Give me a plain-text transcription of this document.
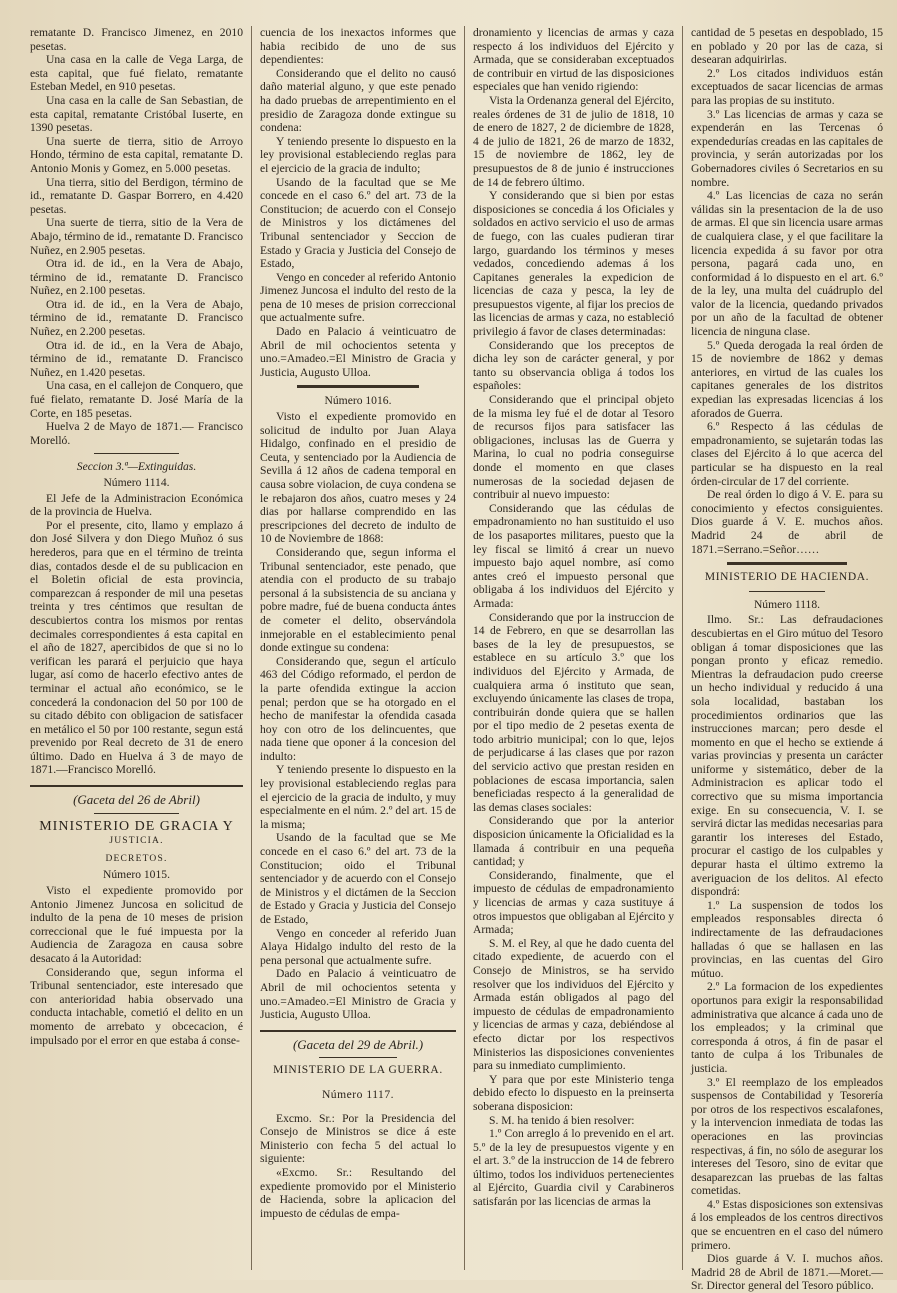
rematante D. Francisco Jimenez, en 2010 pesetas.

Una casa en la calle de Vega Larga, de esta capital, que fué fielato, rematante Esteban Medel, en 910 pesetas.

Una casa en la calle de San Sebastian, de esta capital, rematante Cristóbal Iuserte, en 1390 pesetas.

Una suerte de tierra, sitio de Arroyo Hondo, término de esta capital, rematante D. Antonio Monis y Gomez, en 5.000 pesetas.

Una tierra, sitio del Berdigon, término de id., rematante D. Gaspar Borrero, en 4.420 pesetas.

Una suerte de tierra, sitio de la Vera de Abajo, término de id., rematante D. Francisco Nuñez, en 2.905 pesetas.

Otra id. de id., en la Vera de Abajo, término de id., rematante D. Francisco Nuñez, en 2.100 pesetas.

Otra id. de id., en la Vera de Abajo, término de id., rematante D. Francisco Nuñez, en 2.200 pesetas.

Otra id. de id., en la Vera de Abajo, término de id., rematante D. Francisco Nuñez, en 1.420 pesetas.

Una casa, en el callejon de Conquero, que fué fielato, rematante D. José María de la Corte, en 185 pesetas.

Huelva 2 de Mayo de 1871.— Francisco Morelló.

Seccion 3.ª—Extinguidas.

Número 1114.

El Jefe de la Administracion Económica de la provincia de Huelva.

Por el presente, cito, llamo y emplazo á don José Silvera y don Diego Muñoz ó sus herederos, para que en el término de treinta dias, contados desde el de su publicacion en el Boletin oficial de esta provincia, comparezcan á responder de mil una pesetas treinta y tres céntimos que resultan de descubiertos contra los mismos por rentas decimales correspondientes á esta capital en el año de 1827, apercibidos de que si no lo verifican les parará el perjuicio que haya lugar, así como de hacerlo efectivo antes de terminar el actual año económico, se le concederá la condonacion del 50 por 100 de su citado débito con obligacion de satisfacer en metálico el 50 por 100 restante, segun está prevenido por Real decreto de 31 de enero último. Dado en Huelva á 3 de mayo de 1871.—Francisco Morelló.

(Gaceta del 26 de Abril)

MINISTERIO DE GRACIA Y

JUSTICIA.

DECRETOS.

Número 1015.

Visto el expediente promovido por Antonio Jimenez Juncosa en solicitud de indulto de la pena de 10 meses de prision correccional que le fué impuesta por la Audiencia de Zaragoza en causa sobre desacato á la Autoridad:

Considerando que, segun informa el Tribunal sentenciador, este interesado que con anterioridad habia observado una conducta intachable, cometió el delito en un momento de arrebato y obcecacion, é impulsado por el error en que estaba á conse-

cuencia de los inexactos informes que habia recibido de uno de sus dependientes:

Considerando que el delito no causó daño material alguno, y que este penado ha dado pruebas de arrepentimiento en el presidio de Zaragoza donde extingue su condena:

Y teniendo presente lo dispuesto en la ley provisional estableciendo reglas para el ejercicio de la gracia de indulto;

Usando de la facultad que se Me concede en el caso 6.º del art. 73 de la Constitucion; de acuerdo con el Consejo de Ministros y los dictámenes del Tribunal sentenciador y Seccion de Estado y Gracia y Justicia del Consejo de Estado,

Vengo en conceder al referido Antonio Jimenez Juncosa el indulto del resto de la pena de 10 meses de prision correccional que actualmente sufre.

Dado en Palacio á veinticuatro de Abril de mil ochocientos setenta y uno.=Amadeo.=El Ministro de Gracia y Justicia, Augusto Ulloa.

Número 1016.

Visto el expediente promovido en solicitud de indulto por Juan Alaya Hidalgo, confinado en el presidio de Ceuta, y sentenciado por la Audiencia de Sevilla á 12 años de cadena temporal en causa sobre violacion, de cuya condena se le rebajaron dos años, cuatro meses y 24 dias por hallarse comprendido en las prescripciones del decreto de indulto de 10 de Noviembre de 1868:

Considerando que, segun informa el Tribunal sentenciador, este penado, que atendia con el producto de su trabajo personal á la subsistencia de su anciana y pobre madre, fué de buena conducta ántes de cometer el delito, observándola inmejorable en el establecimiento penal donde extingue su condena:

Considerando que, segun el artículo 463 del Código reformado, el perdon de la parte ofendida extingue la accion penal; perdon que se ha otorgado en el hecho de manifestar la ofendida casada hoy con otro de los delincuentes, que nada tiene que oponer á la concesion del indulto:

Y teniendo presente lo dispuesto en la ley provisional estableciendo reglas para el ejercicio de la gracia de indulto, y muy especialmente en el núm. 2.º del art. 15 de la misma;

Usando de la facultad que se Me concede en el caso 6.º del art. 73 de la Constitucion; oido el Tribunal sentenciador y de acuerdo con el Consejo de Ministros y el dictámen de la Seccion de Estado y Gracia y Justicia del Consejo de Estado,

Vengo en conceder al referido Juan Alaya Hidalgo indulto del resto de la pena personal que actualmente sufre.

Dado en Palacio á veinticuatro de Abril de mil ochocientos setenta y uno.=Amadeo.=El Ministro de Gracia y Justicia, Augusto Ulloa.

(Gaceta del 29 de Abril.)

MINISTERIO DE LA GUERRA.

Número 1117.

Excmo. Sr.: Por la Presidencia del Consejo de Ministros se dice á este Ministerio con fecha 5 del actual lo siguiente:

«Excmo. Sr.: Resultando del expediente promovido por el Ministerio de Hacienda, sobre la aplicacion del impuesto de cédulas de empa-

dronamiento y licencias de armas y caza respecto á los individuos del Ejército y Armada, que se consideraban exceptuados de contribuir en virtud de las disposiciones especiales que han venido rigiendo:

Vista la Ordenanza general del Ejército, reales órdenes de 31 de julio de 1818, 10 de enero de 1827, 2 de diciembre de 1828, 4 de julio de 1821, 26 de marzo de 1832, 15 de noviembre de 1862, ley de presupuestos de 8 de junio é instrucciones de 14 de febrero último.

Y considerando que si bien por estas disposiciones se concedia á los Oficiales y soldados en activo servicio el uso de armas de fuego, con las cuales pudieran tirar largo, guardando los términos y meses vedados, concediendo ademas á los Capitanes generales la expedicion de licencias de caza y pesca, la ley de presupuestos vigente, al fijar los precios de las licencias de armas y caza, no estableció privilegio á favor de clases determinadas:

Considerando que los preceptos de dicha ley son de carácter general, y por tanto su observancia obliga á todos los españoles:

Considerando que el principal objeto de la misma ley fué el de dotar al Tesoro de recursos fijos para satisfacer las obligaciones, inclusas las de Guerra y Marina, lo cual no podria conseguirse donde el momento en que clases numerosas de la sociedad dejasen de contribuir al nuevo impuesto:

Considerando que las cédulas de empadronamiento no han sustituido el uso de los pasaportes militares, puesto que la ley fiscal se limitó á crear un nuevo impuesto bajo aquel nombre, así como antes creó el impuesto personal que obligaba á los individuos del Ejército y Armada:

Considerando que por la instruccion de 14 de Febrero, en que se desarrollan las bases de la ley de presupuestos, se establece en su artículo 3.º que los individuos del Ejército y Armada, de cualquiera arma ó instituto que sean, excluyendo únicamente las clases de tropa, contribuirán donde quiera que se hallen por el tipo medio de 2 pesetas exenta de todo arbitrio municipal; con lo que, lejos de perjudicarse á las clases que por razon del servicio activo que prestan residen en poblaciones de escasa importancia, salen beneficiadas respecto á la generalidad de las demas clases sociales:

Considerando que por la anterior disposicion únicamente la Oficialidad es la llamada á contribuir en una pequeña cantidad; y

Considerando, finalmente, que el impuesto de cédulas de empadronamiento y licencias de armas y caza sustituye á otros impuestos que obligaban al Ejército y Armada;

S. M. el Rey, al que he dado cuenta del citado expediente, de acuerdo con el Consejo de Ministros, se ha servido resolver que los individuos del Ejército y Armada están obligados al pago del impuesto de cédulas de empadronamiento y licencias de armas y caza, debiéndose al efecto dictar por los respectivos Ministerios las disposiciones convenientes para su inmediato cumplimiento.

Y para que por este Ministerio tenga debido efecto lo dispuesto en la preinserta soberana disposicion:

S. M. ha tenido á bien resolver:

1.º Con arreglo á lo prevenido en el art. 5.º de la ley de presupuestos vigente y en el art. 3.º de la instruccion de 14 de febrero último, todos los individuos pertenecientes al Ejército, Guardia civil y Carabineros satisfarán por las licencias de armas la

cantidad de 5 pesetas en despoblado, 15 en poblado y 20 por las de caza, si desearan adquirirlas.

2.º Los citados individuos están exceptuados de sacar licencias de armas para las propias de su instituto.

3.º Las licencias de armas y caza se expenderán en las Tercenas ó expendedurías creadas en las capitales de provincia, y serán autorizadas por los Gobernadores civiles ó Secretarios en su nombre.

4.º Las licencias de caza no serán válidas sin la presentacion de la de uso de armas. El que sin licencia usare armas de cualquiera clase, y el que facilitare la licencia expedida á su favor por otra persona, pagará cada uno, en conformidad á lo dispuesto en el art. 6.º de la ley, una multa del cuádruplo del valor de la licencia, quedando privados por un año de la facultad de obtener licencia de ninguna clase.

5.º Queda derogada la real órden de 15 de noviembre de 1862 y demas anteriores, en virtud de las cuales los capitanes generales de los distritos expedian las expresadas licencias á los aforados de Guerra.

6.º Respecto á las cédulas de empadronamiento, se sujetarán todas las clases del Ejército á lo que acerca del particular se ha dispuesto en la real órden-circular de 17 del corriente.

De real órden lo digo á V. E. para su conocimiento y efectos consiguientes. Dios guarde á V. E. muchos años. Madrid 24 de abril de 1871.=Serrano.=Señor……

MINISTERIO DE HACIENDA.

Número 1118.

Ilmo. Sr.: Las defraudaciones descubiertas en el Giro mútuo del Tesoro obligan á tomar disposiciones que las pongan pronto y eficaz remedio. Mientras la defraudacion pudo creerse un hecho individual y reducido á una sola localidad, bastaban los procedimientos ordinarios que las instrucciones marcan; pero desde el momento en que el hecho se extiende á varias provincias y presenta un carácter uniforme y sistemático, deber de la Administracion es aplicar todo el correctivo que su misma importancia exige. En su consecuencia, V. I. se servirá dictar las medidas necesarias para garantir los intereses del Estado, procurar el castigo de los culpables y depurar hasta el último extremo la averiguacion de los delitos. Al efecto dispondrá:

1.º La suspension de todos los empleados responsables directa ó indirectamente de las defraudaciones halladas ó que se hallasen en las provincias, en las cuentas del Giro mútuo.

2.º La formacion de los expedientes oportunos para exigir la responsabilidad administrativa que alcance á cada uno de los empleados; y la criminal que corresponda á otros, á fin de pasar el tanto de culpa á los Tribunales de justicia.

3.º El reemplazo de los empleados suspensos de Contabilidad y Tesorería por otros de los respectivos escalafones, y la intervencion inmediata de todas las operaciones en las provincias respectivas, á fin, no sólo de asegurar los intereses del Tesoro, sino de evitar que desaparezcan las pruebas de las faltas cometidas.

4.º Estas disposiciones son extensivas á los empleados de los centros directivos que se encuentren en el caso del número primero.

Dios guarde á V. I. muchos años. Madrid 28 de Abril de 1871.—Moret.—Sr. Director general del Tesoro público.
